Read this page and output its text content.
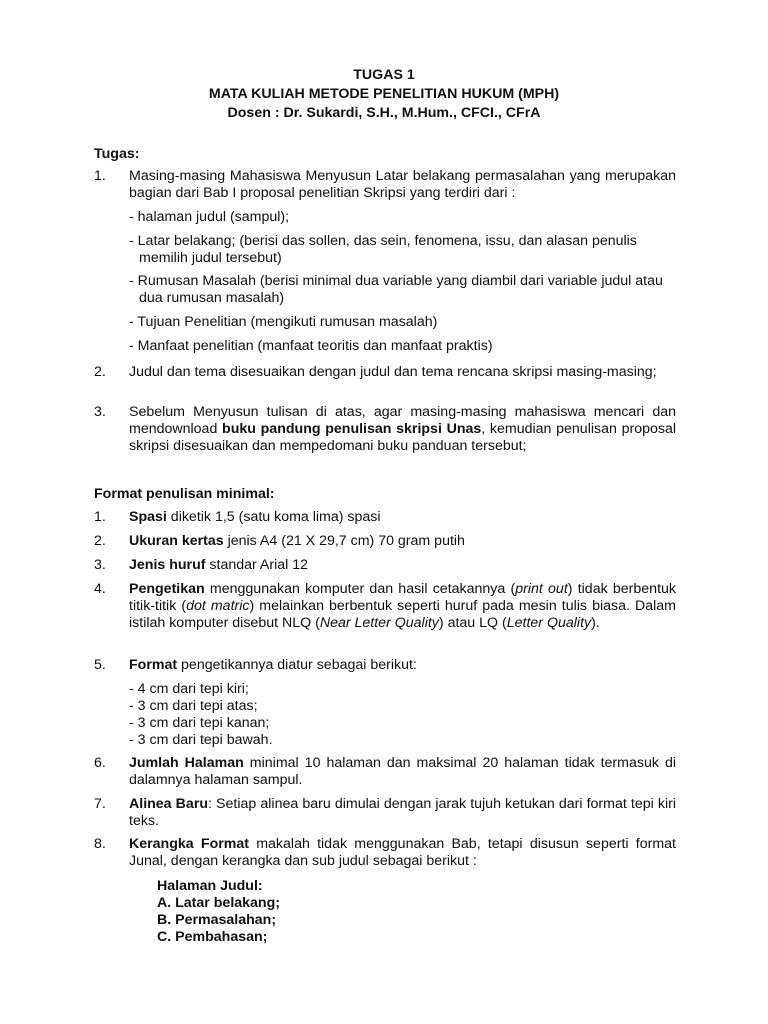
TUGAS 1
MATA KULIAH METODE PENELITIAN HUKUM (MPH)
Dosen : Dr. Sukardi, S.H., M.Hum., CFCI., CFrA
Tugas:
1.	Masing-masing Mahasiswa Menyusun Latar belakang permasalahan yang merupakan bagian dari Bab I proposal penelitian Skripsi yang terdiri dari :
- halaman judul (sampul);
- Latar belakang; (berisi das sollen, das sein, fenomena, issu, dan alasan penulis memilih judul tersebut)
- Rumusan Masalah (berisi minimal dua variable yang diambil dari variable judul atau dua rumusan masalah)
- Tujuan Penelitian (mengikuti rumusan masalah)
- Manfaat penelitian (manfaat teoritis dan manfaat praktis)
2.	Judul dan tema disesuaikan dengan judul dan tema rencana skripsi masing-masing;
3.	Sebelum Menyusun tulisan di atas, agar masing-masing mahasiswa mencari dan mendownload buku pandung penulisan skripsi Unas, kemudian penulisan proposal skripsi disesuaikan dan mempedomani buku panduan tersebut;
Format penulisan minimal:
1.	Spasi diketik 1,5 (satu koma lima) spasi
2.	Ukuran kertas jenis A4 (21 X 29,7 cm) 70 gram putih
3.	Jenis huruf standar Arial 12
4.	Pengetikan menggunakan komputer dan hasil cetakannya (print out) tidak berbentuk titik-titik (dot matric) melainkan berbentuk seperti huruf pada mesin tulis biasa. Dalam istilah komputer disebut NLQ (Near Letter Quality) atau LQ (Letter Quality).
5.	Format pengetikannya diatur sebagai berikut:
- 4 cm dari tepi kiri;
- 3 cm dari tepi atas;
- 3 cm dari tepi kanan;
- 3 cm dari tepi bawah.
6.	Jumlah Halaman minimal 10 halaman dan maksimal 20 halaman tidak termasuk di dalamnya halaman sampul.
7.	Alinea Baru: Setiap alinea baru dimulai dengan jarak tujuh ketukan dari format tepi kiri teks.
8.	Kerangka Format makalah tidak menggunakan Bab, tetapi disusun seperti format Junal, dengan kerangka dan sub judul sebagai berikut :
Halaman Judul:
A. Latar belakang;
B. Permasalahan;
C. Pembahasan;
